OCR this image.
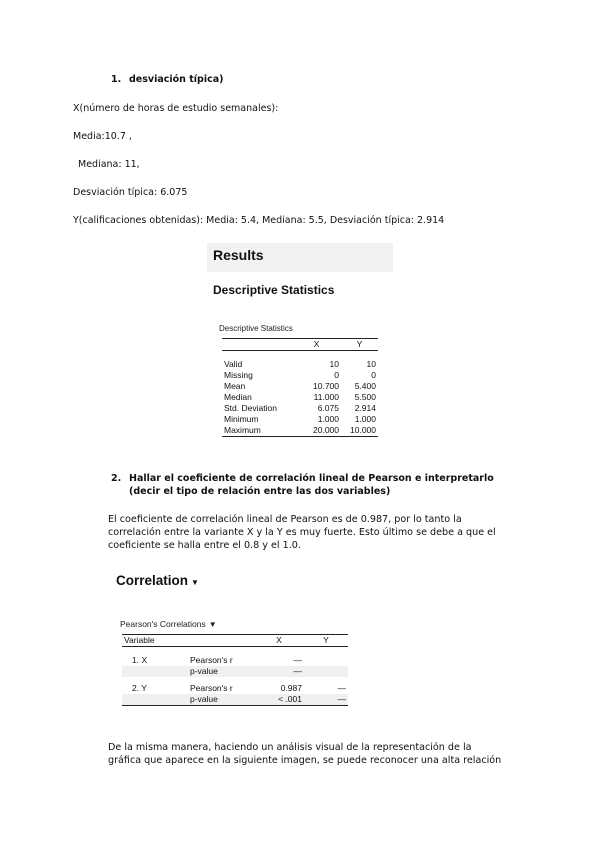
1. desviación típica)
X(número de horas de estudio semanales):
Media:10.7 ,
Mediana: 11,
Desviación típica: 6.075
Y(calificaciones obtenidas): Media: 5.4, Mediana: 5.5, Desviación típica: 2.914
Results
Descriptive Statistics
Descriptive Statistics
	X	Y

Valid	10	10
Missing	0	0
Mean	10.700	5.400
Median	11.000	5.500
Std. Deviation	6.075	2.914
Minimum	1.000	1.000
Maximum	20.000	10.000
2. Hallar el coeficiente de correlación lineal de Pearson e interpretarlo
(decir el tipo de relación entre las dos variables)
El coeficiente de correlación lineal de Pearson es de 0.987, por lo tanto la
correlación entre la variante X y la Y es muy fuerte. Esto último se debe a que el
coeficiente se halla entre el 0.8 y el 1.0.
Correlation ▼
Pearson's Correlations ▼
Variable		X	Y

1. X	Pearson's r	—	
	p-value	—	

2. Y	Pearson's r	0.987	—
	p-value	< .001	—
De la misma manera, haciendo un análisis visual de la representación de la
gráfica que aparece en la siguiente imagen, se puede reconocer una alta relación
